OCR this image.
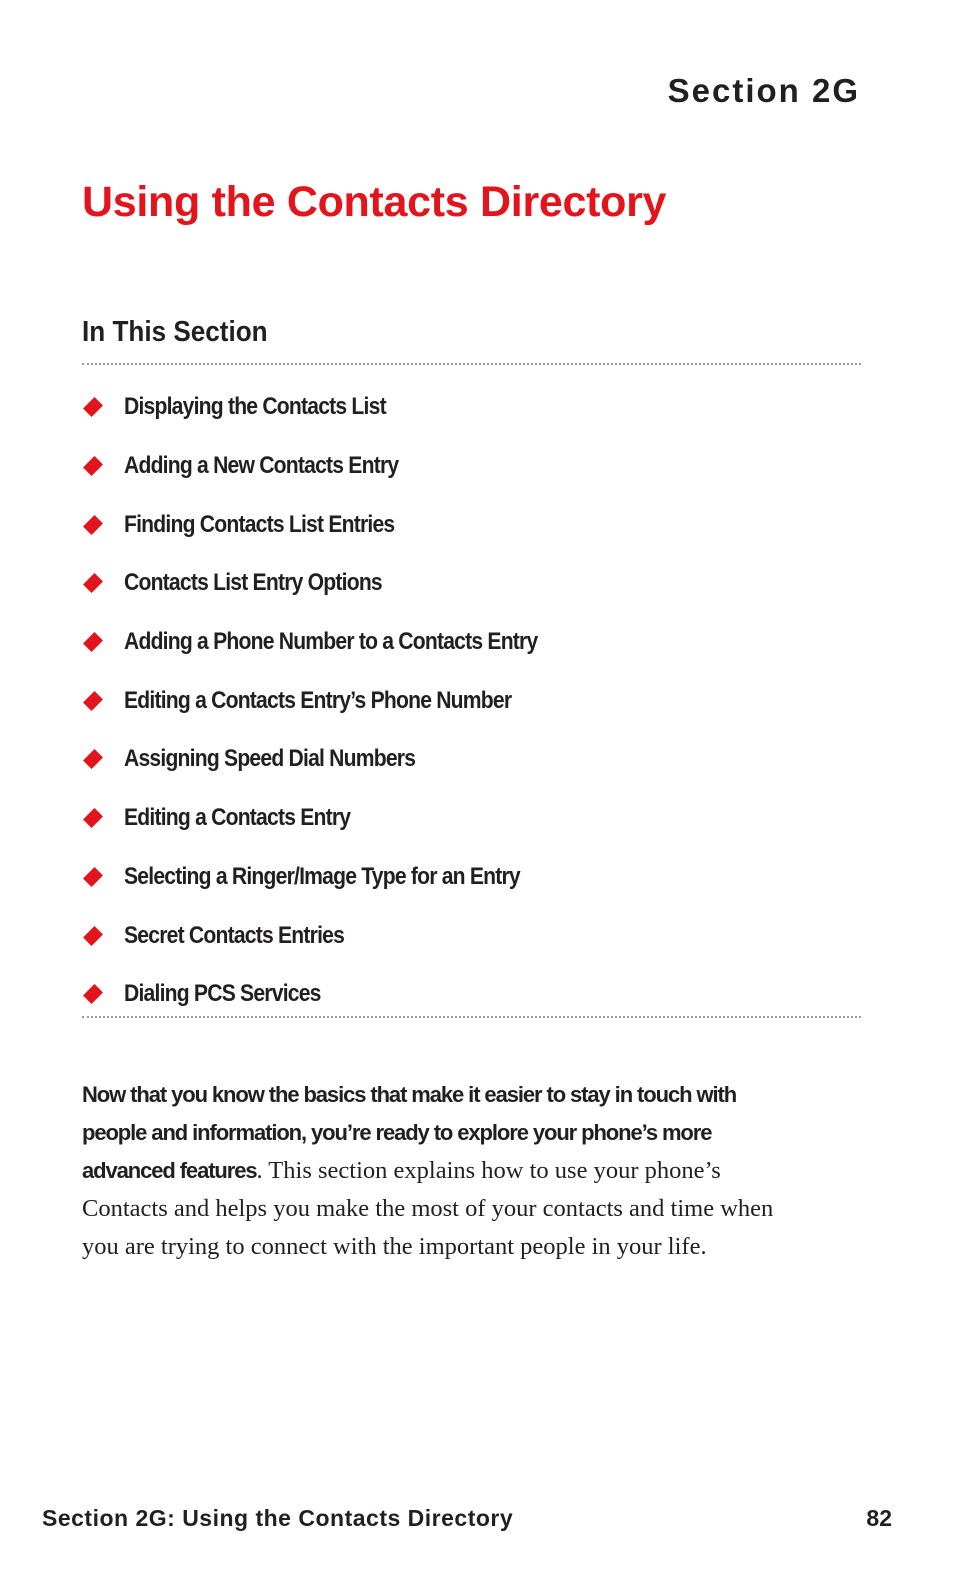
Section 2G
Using the Contacts Directory
In This Section
Displaying the Contacts List
Adding a New Contacts Entry
Finding Contacts List Entries
Contacts List Entry Options
Adding a Phone Number to a Contacts Entry
Editing a Contacts Entry’s Phone Number
Assigning Speed Dial Numbers
Editing a Contacts Entry
Selecting a Ringer/Image Type for an Entry
Secret Contacts Entries
Dialing PCS Services

Now that you know the basics that make it easier to stay in touch with people and information, you’re ready to explore your phone’s more advanced features. This section explains how to use your phone’s Contacts and helps you make the most of your contacts and time when you are trying to connect with the important people in your life.

Section 2G: Using the Contacts Directory	82
